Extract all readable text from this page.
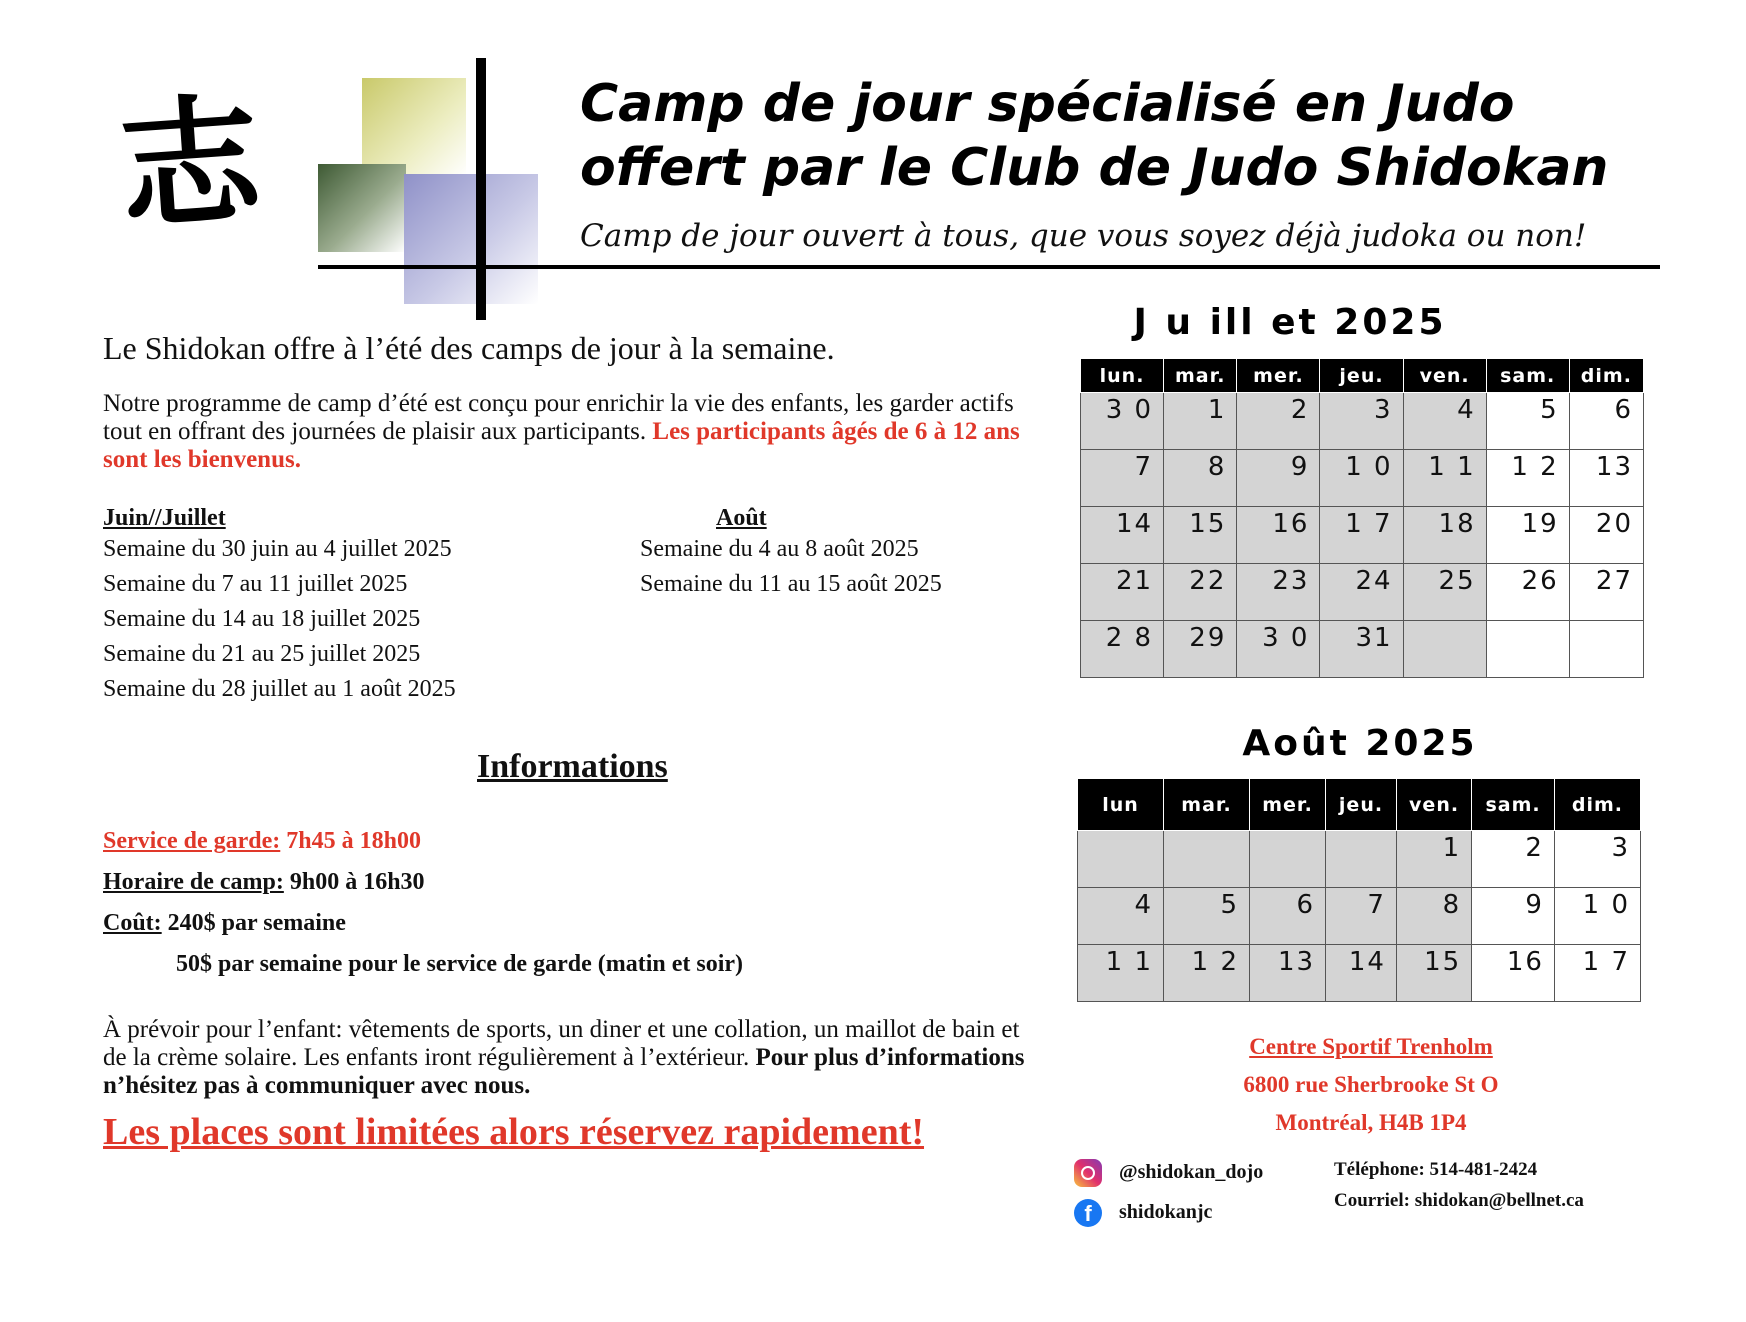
志	Camp de jour spécialisé en Judo
offert par le Club de Judo Shidokan
Camp de jour ouvert à tous, que vous soyez déjà judoka ou non!
Le Shidokan offre à l’été des camps de jour à la semaine.
Notre programme de camp d’été est conçu pour enrichir la vie des enfants, les garder actifs tout en offrant des journées de plaisir aux participants. Les participants âgés de 6 à 12 ans sont les bienvenus.
Juin//Juillet
Semaine du 30 juin au 4 juillet 2025
Semaine du 7 au 11 juillet 2025
Semaine du 14 au 18 juillet 2025
Semaine du 21 au 25 juillet 2025
Semaine du 28 juillet au 1 août 2025
Août
Semaine du 4 au 8 août 2025
Semaine du 11 au 15 août 2025
Informations
Service de garde: 7h45 à 18h00
Horaire de camp: 9h00 à 16h30
Coût: 240$ par semaine
50$ par semaine pour le service de garde (matin et soir)
À prévoir pour l’enfant: vêtements de sports, un diner et une collation, un maillot de bain et de la crème solaire. Les enfants iront régulièrement à l’extérieur. Pour plus d’informations n’hésitez pas à communiquer avec nous.
Les places sont limitées alors réservez rapidement!
J u ill et 2025
lun.	mar.	mer.	jeu.	ven.	sam.	dim.
3 0	1	2	3	4	5	6
7	8	9	1 0	1 1	1 2	13
14	15	16	1 7	18	19	20
21	22	23	24	25	26	27
2 8	29	3 0	31			
Août 2025
lun	mar.	mer.	jeu.	ven.	sam.	dim.
				1	2	3
4	5	6	7	8	9	1 0
1 1	1 2	13	14	15	16	1 7
Centre Sportif Trenholm
6800 rue Sherbrooke St O
Montréal, H4B 1P4
@shidokan_dojo
f shidokanjc
Téléphone: 514-481-2424
Courriel: shidokan@bellnet.ca
